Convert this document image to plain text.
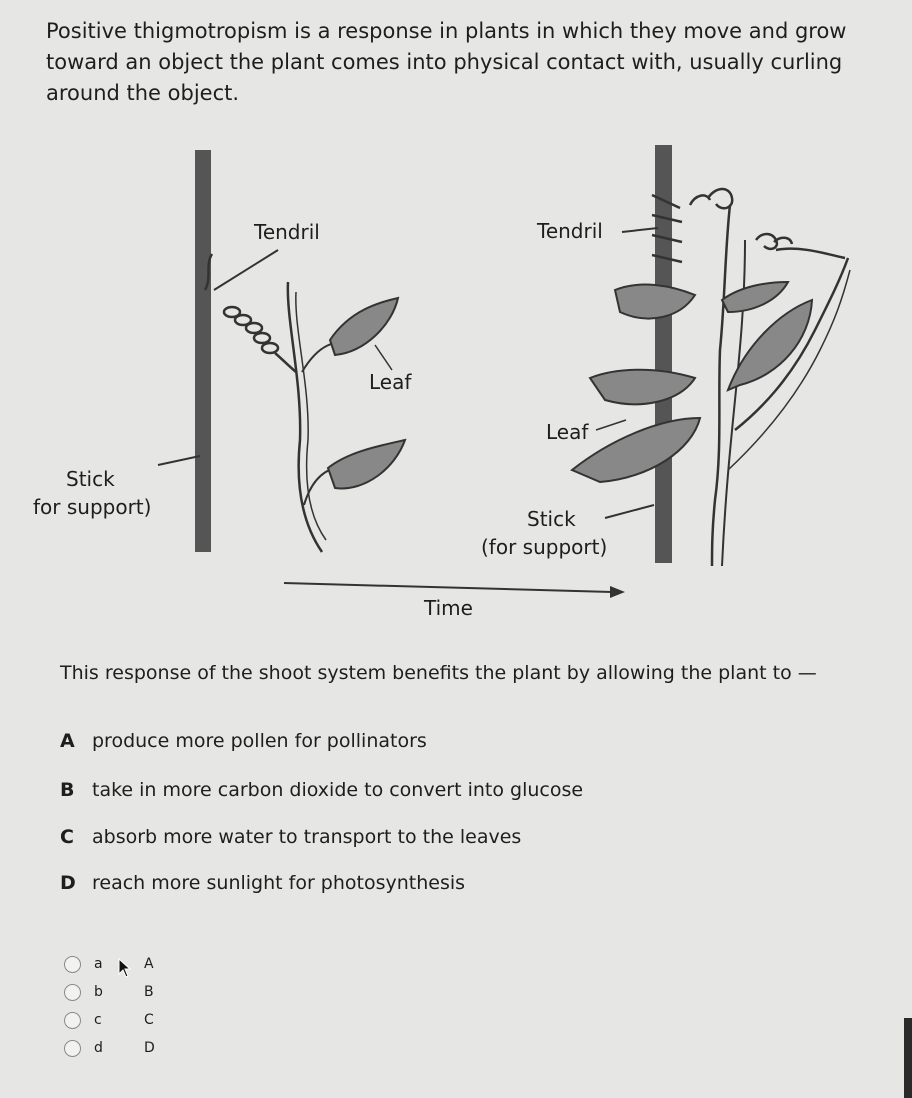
Positive thigmotropism is a response in plants in which they move and grow toward an object the plant comes into physical contact with, usually curling around the object.

Tendril
Leaf
Stick
for support)
Tendril
Leaf
Stick
(for support)
Time

This response of the shoot system benefits the plant by allowing the plant to —

A produce more pollen for pollinators
B take in more carbon dioxide to convert into glucose
C absorb more water to transport to the leaves
D reach more sunlight for photosynthesis
a	A
b	B
c	C
d	D
